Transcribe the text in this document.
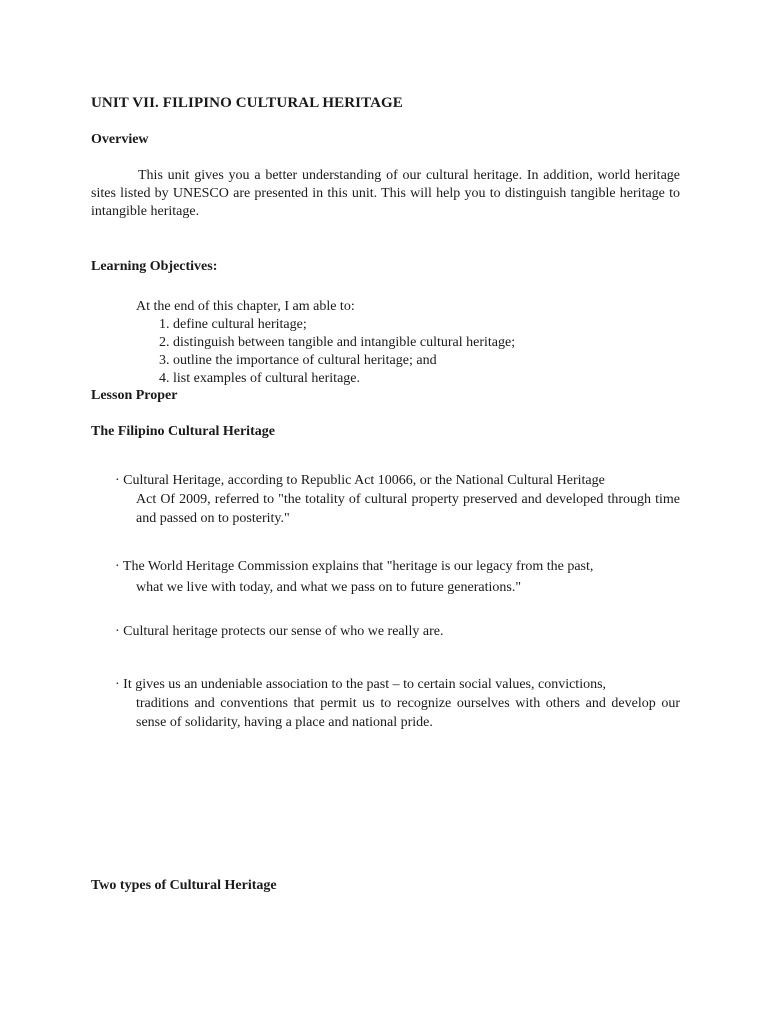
UNIT VII. FILIPINO CULTURAL HERITAGE
Overview
This unit gives you a better understanding of our cultural heritage. In addition, world heritage sites listed by UNESCO are presented in this unit. This will help you to distinguish tangible heritage to intangible heritage.
Learning Objectives:
At the end of this chapter, I am able to:
1. define cultural heritage;
2. distinguish between tangible and intangible cultural heritage;
3. outline the importance of cultural heritage; and
4. list examples of cultural heritage.
Lesson Proper
The Filipino Cultural Heritage
· Cultural Heritage, according to Republic Act 10066, or the National Cultural Heritage
Act Of 2009, referred to "the totality of cultural property preserved and developed through time and passed on to posterity."
· The World Heritage Commission explains that "heritage is our legacy from the past,
what we live with today, and what we pass on to future generations."
· Cultural heritage protects our sense of who we really are.
· It gives us an undeniable association to the past – to certain social values, convictions,
traditions and conventions that permit us to recognize ourselves with others and develop our sense of solidarity, having a place and national pride.
Two types of Cultural Heritage
